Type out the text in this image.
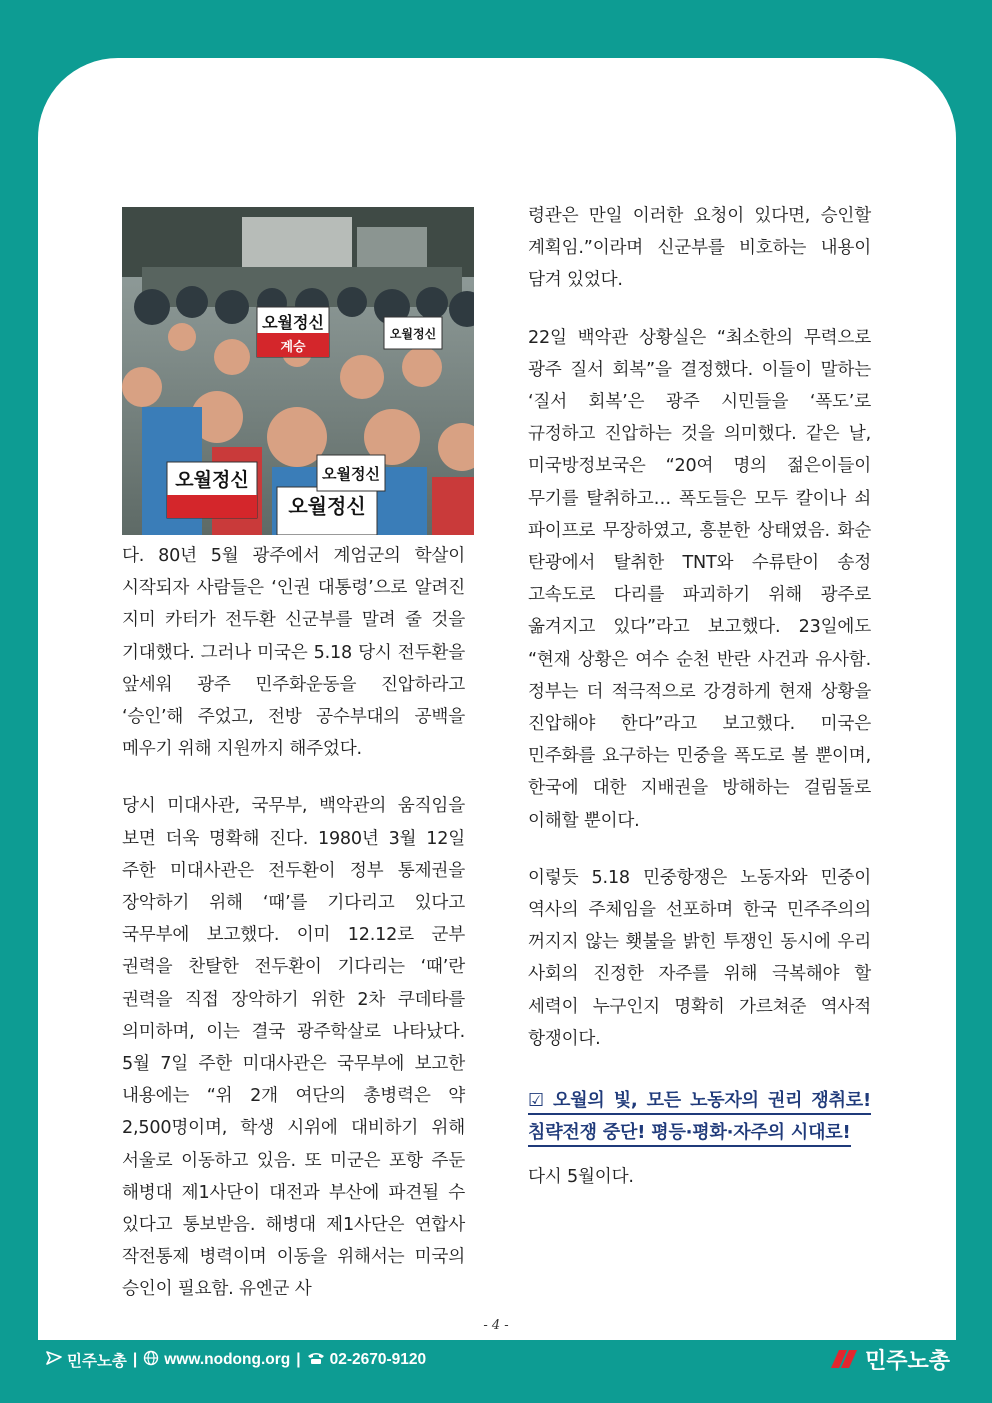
오월정신
계승
오월정신
오월정신
오월정신
오월정신

다. 80년 5월 광주에서 계엄군의 학살이 시작되자 사람들은 ‘인권 대통령’으로 알려진 지미 카터가 전두환 신군부를 말려 줄 것을 기대했다. 그러나 미국은 5.18 당시 전두환을 앞세워 광주 민주화운동을 진압하라고 ‘승인’해 주었고, 전방 공수부대의 공백을 메우기 위해 지원까지 해주었다.

당시 미대사관, 국무부, 백악관의 움직임을 보면 더욱 명확해 진다. 1980년 3월 12일 주한 미대사관은 전두환이 정부 통제권을 장악하기 위해 ‘때’를 기다리고 있다고 국무부에 보고했다. 이미 12.12로 군부 권력을 찬탈한 전두환이 기다리는 ‘때’란 권력을 직접 장악하기 위한 2차 쿠데타를 의미하며, 이는 결국 광주학살로 나타났다. 5월 7일 주한 미대사관은 국무부에 보고한 내용에는 “위 2개 여단의 총병력은 약 2,500명이며, 학생 시위에 대비하기 위해 서울로 이동하고 있음. 또 미군은 포항 주둔 해병대 제1사단이 대전과 부산에 파견될 수 있다고 통보받음. 해병대 제1사단은 연합사 작전통제 병력이며 이동을 위해서는 미국의 승인이 필요함. 유엔군 사

령관은 만일 이러한 요청이 있다면, 승인할 계획임.”이라며 신군부를 비호하는 내용이 담겨 있었다.

22일 백악관 상황실은 “최소한의 무력으로 광주 질서 회복”을 결정했다. 이들이 말하는 ‘질서 회복’은 광주 시민들을 ‘폭도’로 규정하고 진압하는 것을 의미했다. 같은 날, 미국방정보국은 “20여 명의 젊은이들이 무기를 탈취하고… 폭도들은 모두 칼이나 쇠 파이프로 무장하였고, 흥분한 상태였음. 화순 탄광에서 탈취한 TNT와 수류탄이 송정 고속도로 다리를 파괴하기 위해 광주로 옮겨지고 있다”라고 보고했다. 23일에도 “현재 상황은 여수 순천 반란 사건과 유사함. 정부는 더 적극적으로 강경하게 현재 상황을 진압해야 한다”라고 보고했다. 미국은 민주화를 요구하는 민중을 폭도로 볼 뿐이며, 한국에 대한 지배권을 방해하는 걸림돌로 이해할 뿐이다.

이렇듯 5.18 민중항쟁은 노동자와 민중이 역사의 주체임을 선포하며 한국 민주주의의 꺼지지 않는 횃불을 밝힌 투쟁인 동시에 우리 사회의 진정한 자주를 위해 극복해야 할 세력이 누구인지 명확히 가르쳐준 역사적 항쟁이다.

☑ 오월의 빛, 모든 노동자의 권리 쟁취로! 침략전쟁 중단! 평등·평화·자주의 시대로!

다시 5월이다.

- 4 -
민주노총 | www.nodong.org | 02-2670-9120	민주노총
